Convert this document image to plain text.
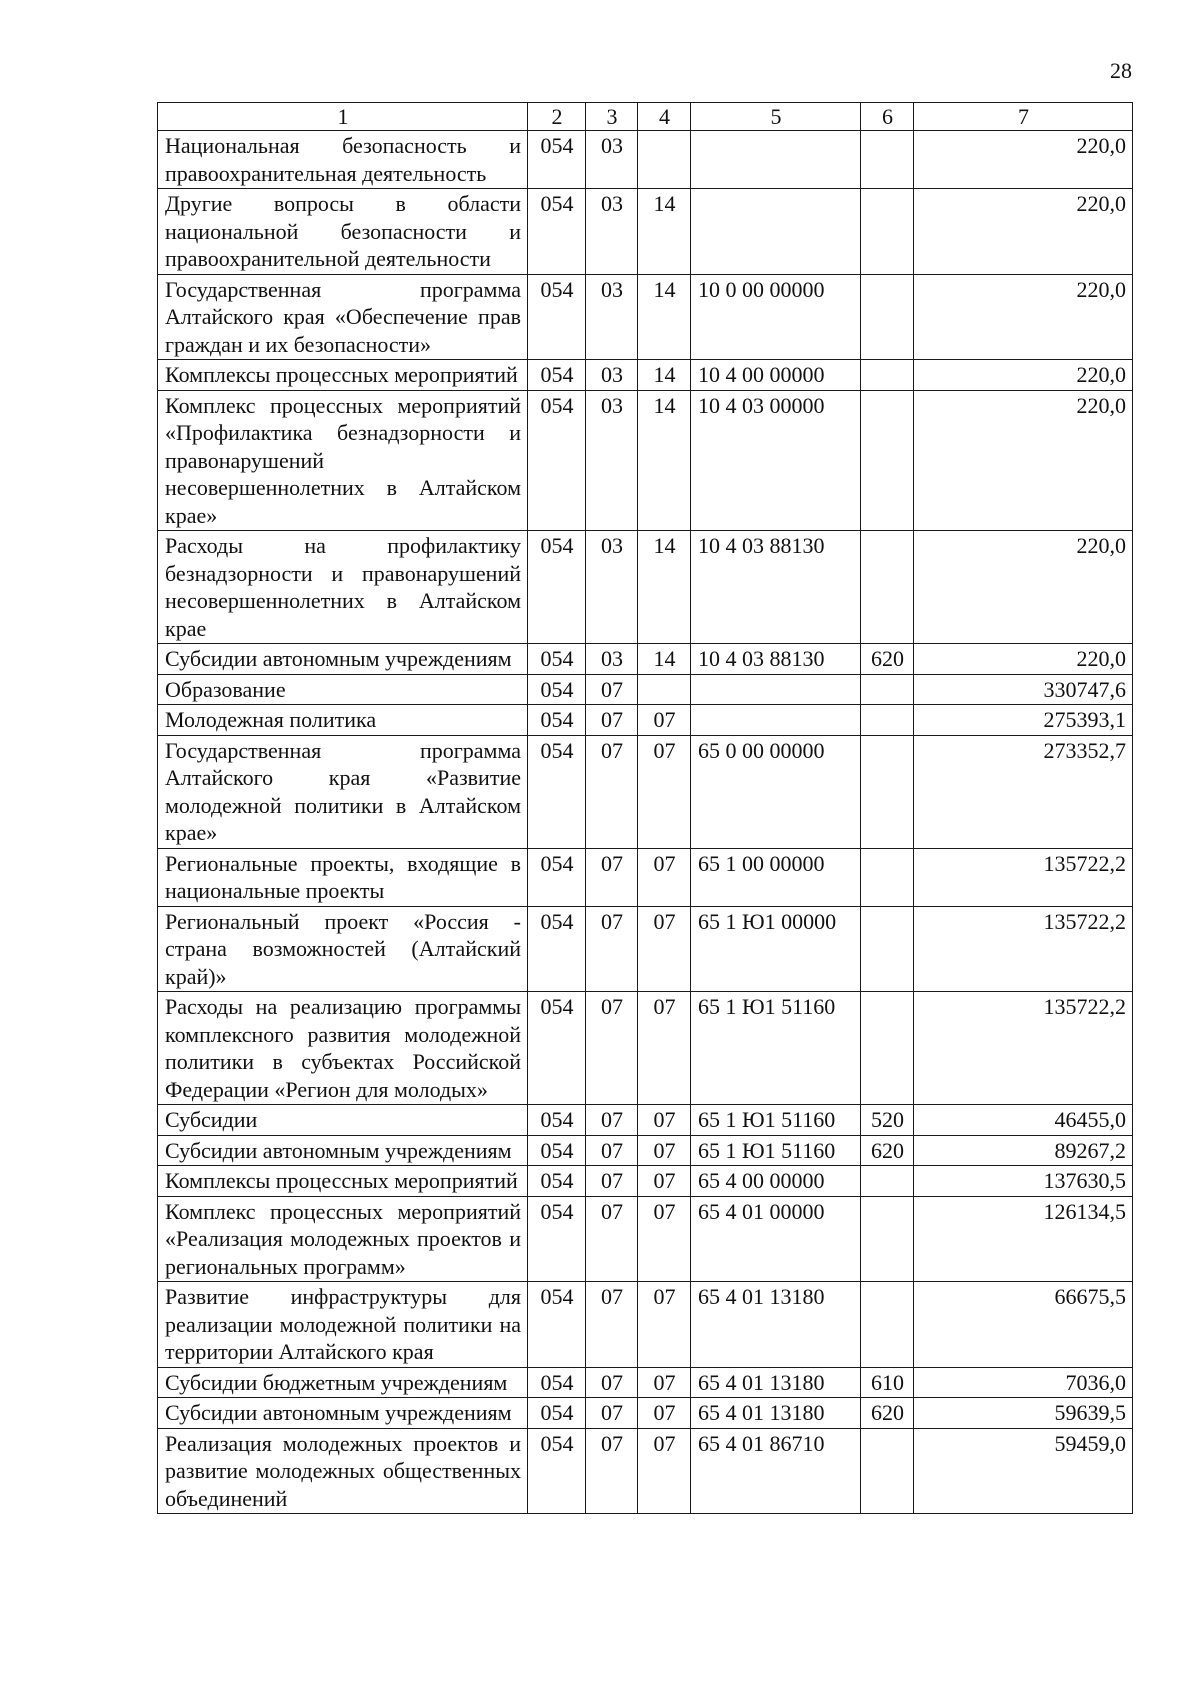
28
1	2	3	4	5	6	7
Национальная безопасность и правоохранительная деятельность	054	03				220,0
Другие вопросы в области национальной безопасности и правоохранительной деятельности	054	03	14			220,0
Государственная программа Алтайского края «Обеспечение прав граждан и их безопасности»	054	03	14	10 0 00 00000		220,0
Комплексы процессных мероприятий	054	03	14	10 4 00 00000		220,0
Комплекс процессных мероприятий «Профилактика безнадзорности и правонарушений несовершеннолетних в Алтайском крае»	054	03	14	10 4 03 00000		220,0
Расходы на профилактику безнадзорности и правонарушений несовершеннолетних в Алтайском крае	054	03	14	10 4 03 88130		220,0
Субсидии автономным учреждениям	054	03	14	10 4 03 88130	620	220,0
Образование	054	07				330747,6
Молодежная политика	054	07	07			275393,1
Государственная программа Алтайского края «Развитие молодежной политики в Алтайском крае»	054	07	07	65 0 00 00000		273352,7
Региональные проекты, входящие в национальные проекты	054	07	07	65 1 00 00000		135722,2
Региональный проект «Россия - страна возможностей (Алтайский край)»	054	07	07	65 1 Ю1 00000		135722,2
Расходы на реализацию программы комплексного развития молодежной политики в субъектах Российской Федерации «Регион для молодых»	054	07	07	65 1 Ю1 51160		135722,2
Субсидии	054	07	07	65 1 Ю1 51160	520	46455,0
Субсидии автономным учреждениям	054	07	07	65 1 Ю1 51160	620	89267,2
Комплексы процессных мероприятий	054	07	07	65 4 00 00000		137630,5
Комплекс процессных мероприятий «Реализация молодежных проектов и региональных программ»	054	07	07	65 4 01 00000		126134,5
Развитие инфраструктуры для реализации молодежной политики на территории Алтайского края	054	07	07	65 4 01 13180		66675,5
Субсидии бюджетным учреждениям	054	07	07	65 4 01 13180	610	7036,0
Субсидии автономным учреждениям	054	07	07	65 4 01 13180	620	59639,5
Реализация молодежных проектов и развитие молодежных общественных объединений	054	07	07	65 4 01 86710		59459,0
